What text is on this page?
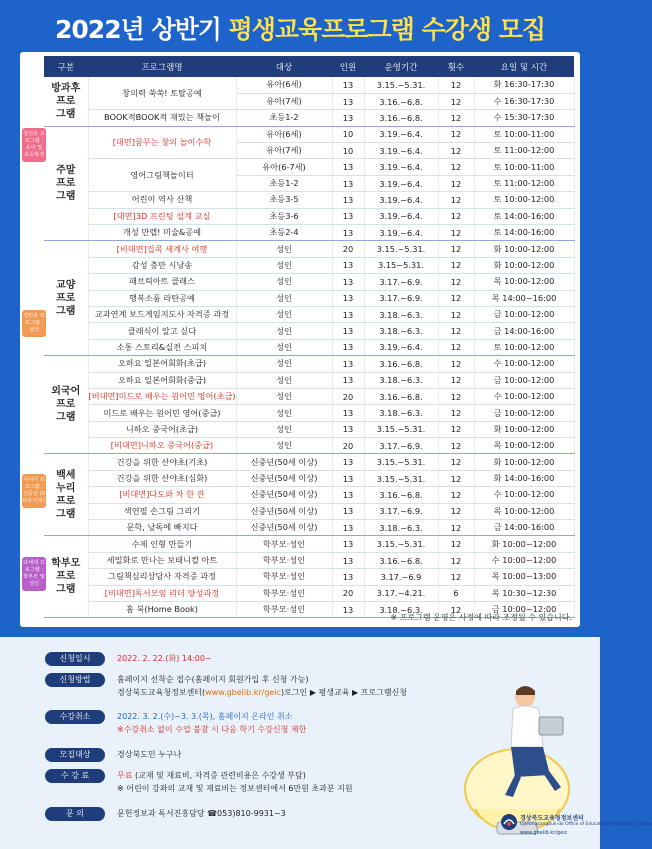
2022년 상반기 평생교육프로그램 수강생 모집
청년층 프로그램 : 유아 및 초등학생
성인층 프로그램 : 성인
시니어 프로그램 : 신중년 (50대 이상)
다세대 프로그램 : 학부모 및 성인
구분	프로그램명	대상	인원	운영기간	횟수	요일 및 시간
방과후
프로
그램	창의력 쑥쑥! 토탈공예	유아(6세)	13	3.15.~5.31.	12	화 16:30-17:30
		유아(7세)	13	3.16.~6.8.	12	수 16:30-17:30
	BOOK적BOOK적 재밌는 책놀이	초등1-2	13	3.16.~6.8.	12	수 15:30-17:30
주말
프로
그램	[대면]꿈꾸는 창의 놀이수학	유아(6세)	10	3.19.~6.4.	12	토 10:00-11:00
		유아(7세)	10	3.19.~6.4.	12	토 11:00-12:00
	영어그림책놀이터	유아(6-7세)	13	3.19.~6.4.	12	토 10:00-11:00
		초등1-2	13	3.19.~6.4.	12	토 11:00-12:00
	어린이 역사 산책	초등3-5	13	3.19.~6.4.	12	토 10:00-12:00
	[대면]3D 프린팅 설계 교실	초등3-6	13	3.19.~6.4.	12	토 14:00-16:00
	개성 만랩! 미술&공예	초등2-4	13	3.19.~6.4.	12	토 14:00-16:00
교양
프로
그램	[비대면]집콕 세계사 여행	성인	20	3.15.~5.31.	12	화 10:00-12:00
	감성 충만 시낭송	성인	13	3.15~5.31.	12	화 10:00-12:00
	패브릭아트 클래스	성인	13	3.17.~6.9.	12	목 10:00-12:00
	행복소품 라탄공예	성인	13	3.17.~6.9.	12	목 14:00~16:00
	교과연계 보드게임지도사 자격증 과정	성인	13	3.18.~6.3.	12	금 10:00-12:00
	클래식이 알고 싶다	성인	13	3.18.~6.3.	12	금 14:00-16:00
	소통 스토리&실전 스피치	성인	13	3.19.~6.4.	12	토 10:00-12:00
외국어
프로
그램	오하요 일본어회화(초급)	성인	13	3.16.~6.8.	12	수 10:00-12:00
	오하요 일본어회화(중급)	성인	13	3.18.~6.3.	12	금 10:00-12:00
	[비대면]미드로 배우는 원어민 영어(초급)	성인	20	3.16.~6.8.	12	수 10:00-12:00
	미드로 배우는 원어민 영어(중급)	성인	13	3.18.~6.3.	12	금 10:00-12:00
	니하오 중국어(초급)	성인	13	3.15.~5.31.	12	화 10:00-12:00
	[비대면]니하오 중국어(중급)	성인	20	3.17.~6.9.	12	목 10:00-12:00
백세
누리
프로
그램	건강을 위한 산야초(기초)	신중년(50세 이상)	13	3.15.~5.31.	12	화 10:00-12:00
	건강을 위한 산야초(심화)	신중년(50세 이상)	13	3.15.~5.31.	12	화 14:00-16:00
	[비대면]다도와 차 한 잔	신중년(50세 이상)	13	3.16.~6.8.	12	수 10:00-12:00
	색연필 손그림 그리기	신중년(50세 이상)	13	3.17.~6.9.	12	목 10:00-12:00
	문학, 낭독에 빠지다	신중년(50세 이상)	13	3.18.~6.3.	12	금 14:00-16:00
학부모
프로
그램	수제 인형 만들기	학부모·성인	13	3.15.~5.31.	12	화 10:00~12:00
	세밀화로 만나는 보태니컬 아트	학부모·성인	13	3.16.~6.8.	12	수 10:00~12:00
	그림책심리상담사 자격증 과정	학부모·성인	13	3.17.~6.9	12	목 10:00~13:00
	[비대면]독서모임 리더 양성과정	학부모·성인	20	3.17.~4.21.	6	목 10:30~12:30
	홈 북(Home Book)	학부모·성인	13	3.18.~6.3.	12	금 10:00~12:00
※ 프로그램 운영은 사정에 따라 조정될 수 있습니다.
신청일시	2022. 2. 22.(화) 14:00~
신청방법	홈페이지 선착순 접수(홈페이지 회원가입 후 신청 가능)
경상북도교육청정보센터(www.gbelib.kr/geic)로그인 ▶ 평생교육 ▶ 프로그램신청
수강취소	2022. 3. 2.(수)~3. 3.(목), 홈페이지 온라인 취소
※수강취소 없이 수업 불참 시 다음 학기 수강신청 제한
모집대상	경상북도민 누구나
수 강 료	무료 (교재 및 재료비, 자격증 관련비용은 수강생 부담)
※ 어린이 강좌의 교재 및 재료비는 정보센터에서 6만원 초과분 지원
문 의	문헌정보과 독서진흥담당 ☎053)810-9931~3
경상북도교육청정보센터
Gyeongsangbuk-do Office of Education Information Center
www.gbelib.kr/geic
